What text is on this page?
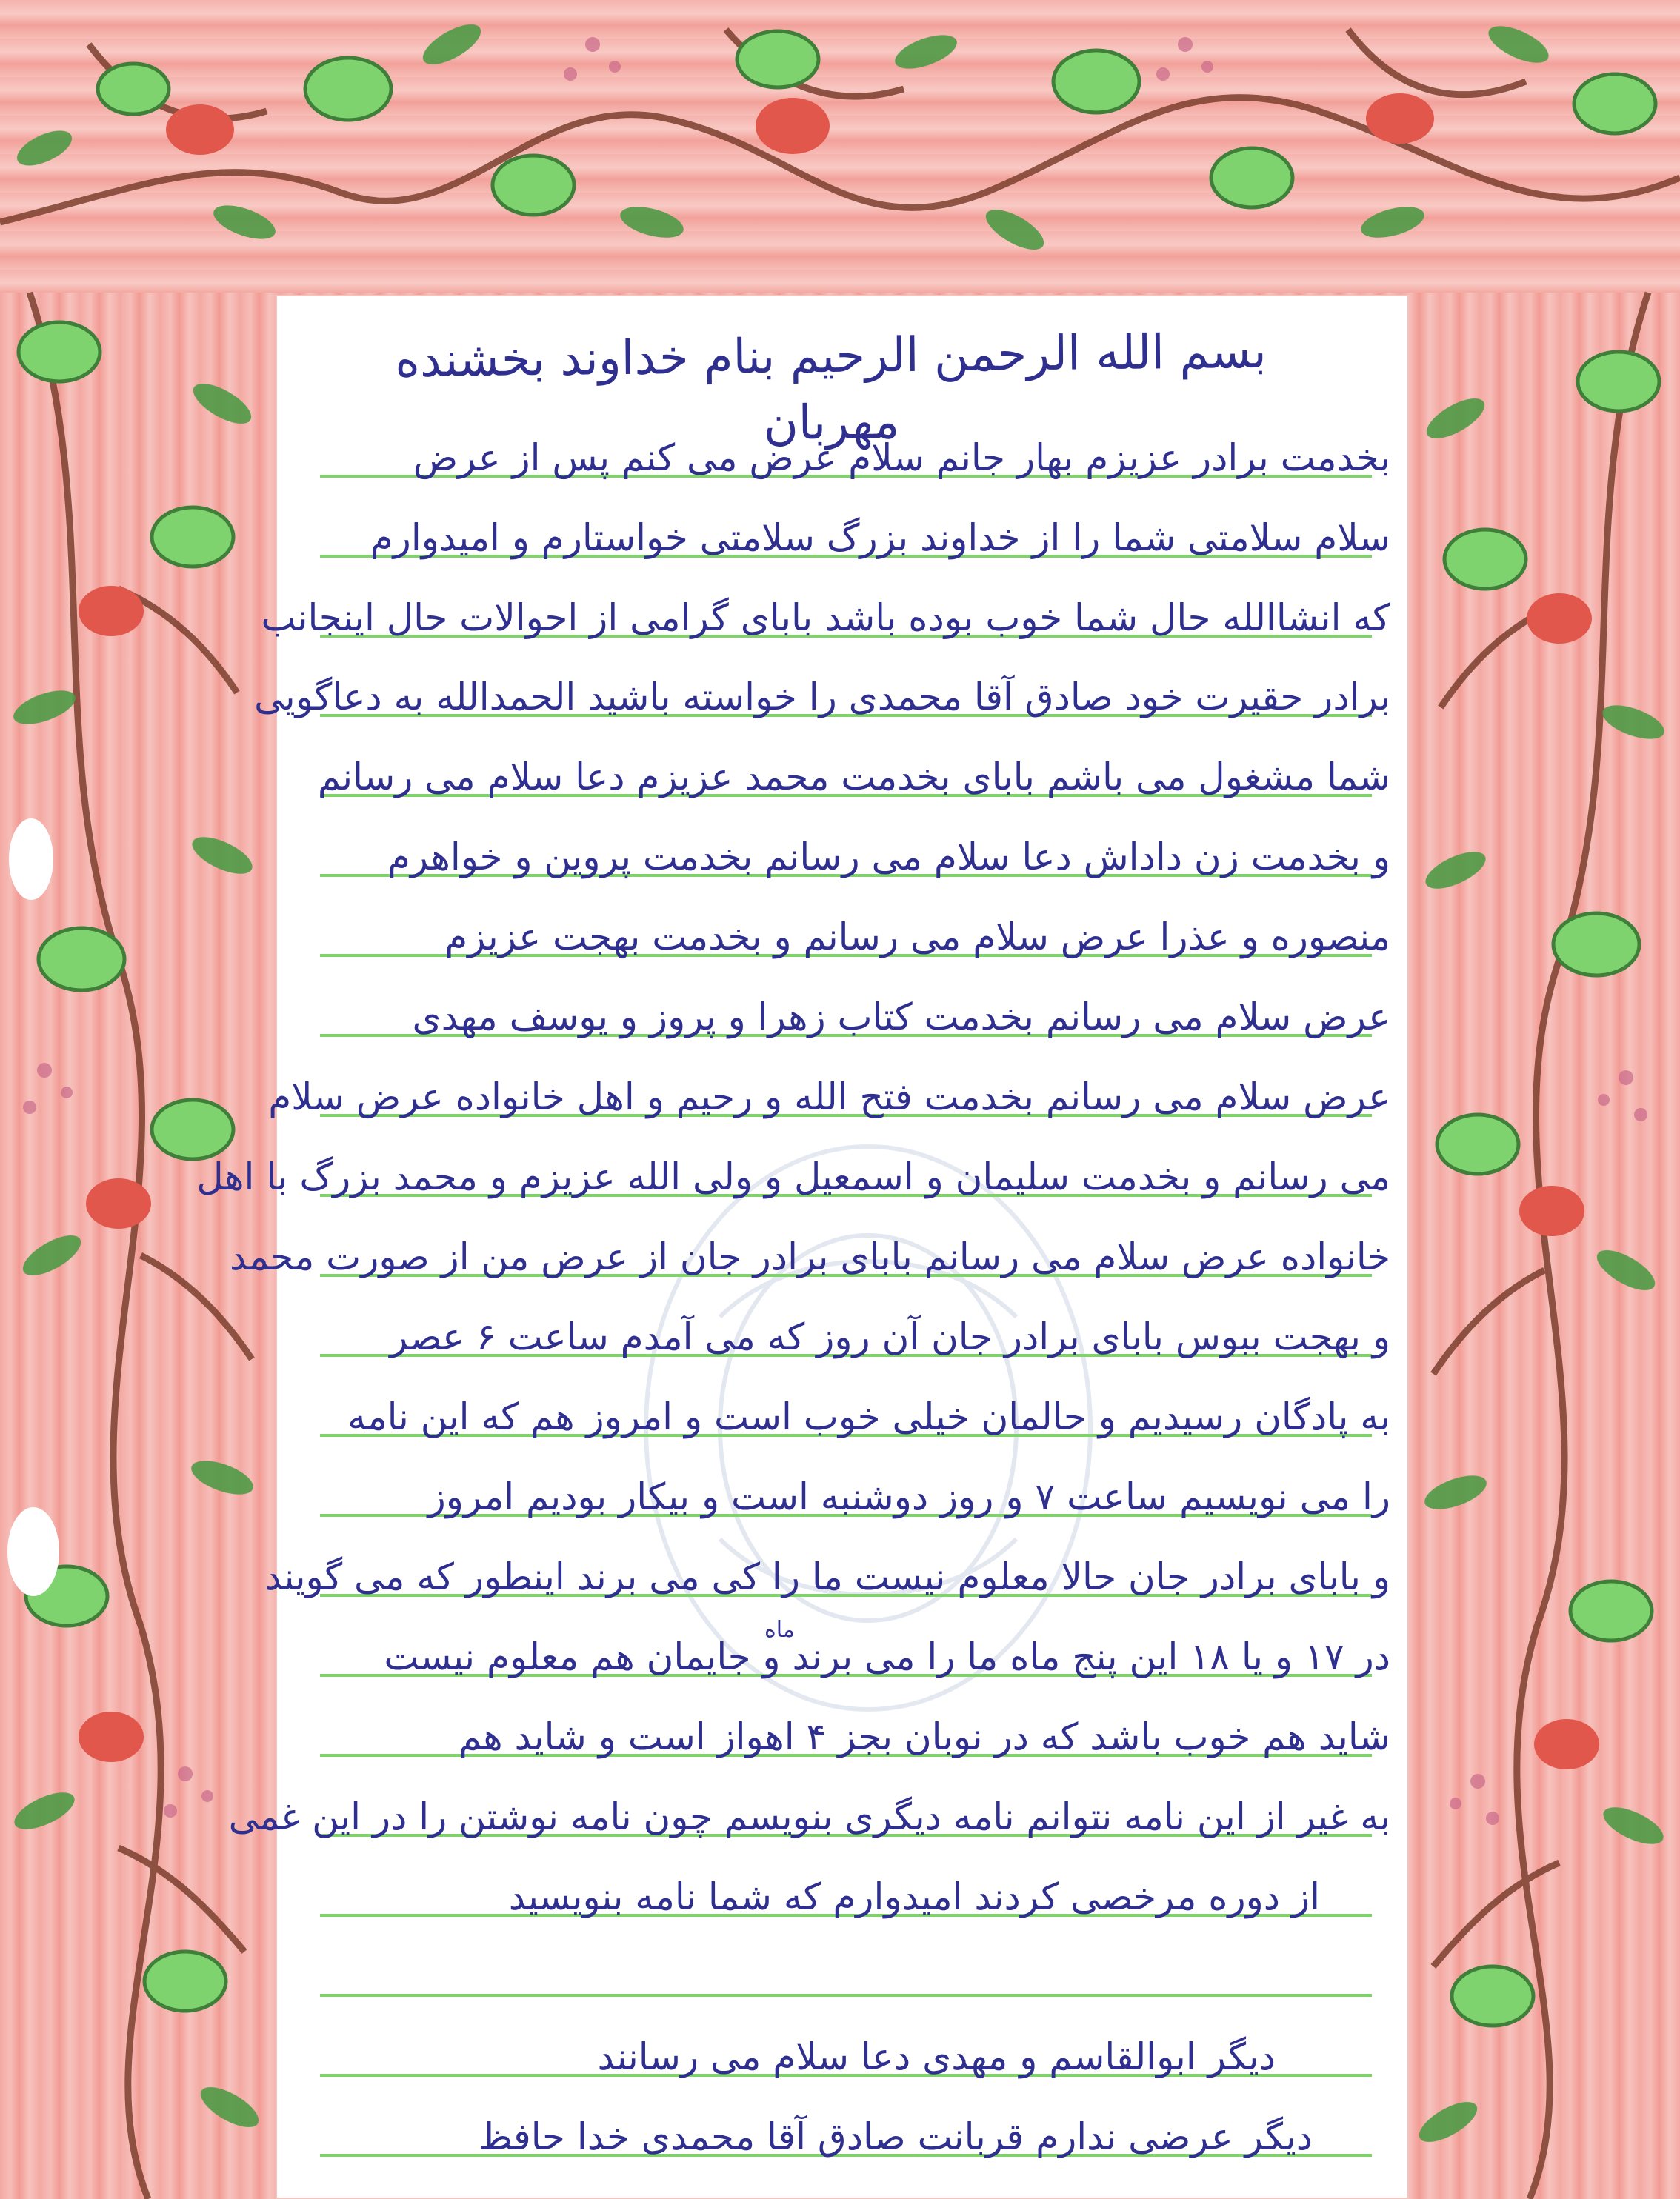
بسم الله الرحمن الرحیم بنام خداوند بخشنده مهربان
بخدمت برادر عزیزم بهار جانم سلام عرض می کنم پس از عرض
سلام سلامتی شما را از خداوند بزرگ سلامتی خواستارم و امیدوارم
که انشاالله حال شما خوب بوده باشد بابای گرامی از احوالات حال اینجانب
برادر حقیرت خود صادق آقا محمدی را خواسته باشید الحمدالله به دعاگویی
شما مشغول می باشم بابای بخدمت محمد عزیزم دعا سلام می رسانم
و بخدمت زن داداش دعا سلام می رسانم بخدمت پروین و خواهرم
منصوره و عذرا عرض سلام می رسانم و بخدمت بهجت عزیزم
عرض سلام می رسانم بخدمت کتاب زهرا و پروز و یوسف مهدی
عرض سلام می رسانم بخدمت فتح الله و رحیم و اهل خانواده عرض سلام
می رسانم و بخدمت سلیمان و اسمعیل و ولی الله عزیزم و محمد بزرگ با اهل
خانواده عرض سلام می رسانم بابای برادر جان از عرض من از صورت محمد
و بهجت ببوس بابای برادر جان آن روز که می آمدم ساعت ۶ عصر
به پادگان رسیدیم و حالمان خیلی خوب است و امروز هم که این نامه
را می نویسیم ساعت ۷ و روز دوشنبه است و بیکار بودیم امروز
و بابای برادر جان حالا معلوم نیست ما را کی می برند اینطور که می گویند
در ۱۷ و یا ۱۸ این پنج ماه ما را می برند و جایمان هم معلوم نیست
شاید هم خوب باشد که در نوبان بجز ۴ اهواز است و شاید هم
به غیر از این نامه نتوانم نامه دیگری بنویسم چون نامه نوشتن را در این غمی
از دوره مرخصی کردند امیدوارم که شما نامه بنویسید
دیگر ابوالقاسم و مهدی دعا سلام می رسانند
دیگر عرضی ندارم قربانت صادق آقا محمدی خدا حافظ
ماه
